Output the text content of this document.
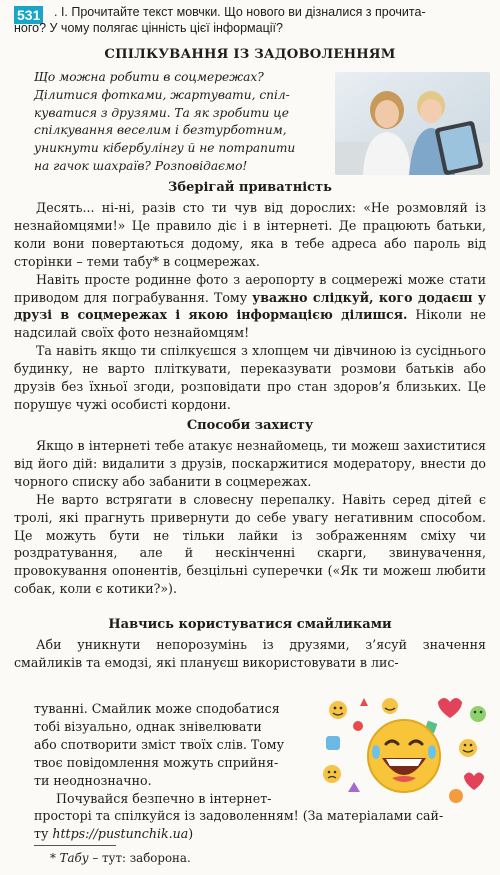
531 . І. Прочитайте текст мовчки. Що нового ви дізналися з прочита-

ного? У чому полягає цінність цієї інформації?

СПІЛКУВАННЯ ІЗ ЗАДОВОЛЕННЯМ

Що можна робити в соцмережах?

Ділитися фотками, жартувати, спіл-

куватися з друзями. Та як зробити це

спілкування веселим і безтурботним,

уникнути кібербулінгу й не потрапити

на гачок шахраїв? Розповідаємо!

Зберігай приватність

Десять... ні-ні, разів сто ти чув від дорослих: «Не розмовляй із незнайомцями!» Це правило діє і в інтернеті. Де працюють батьки, коли вони повертаються додому, яка в тебе адреса або пароль від сторінки – теми табу* в соцмережах.

Навіть просте родинне фото з аеропорту в соцмережі може стати приводом для пограбування. Тому уважно слідкуй, кого додаєш у друзі в соцмережах і якою інформацією ділишся. Ніколи не надсилай своїх фото незнайомцям!

Та навіть якщо ти спілкуєшся з хлопцем чи дівчиною із сусіднього будинку, не варто пліткувати, переказувати розмови батьків або друзів без їхньої згоди, розповідати про стан здоров’я близьких. Це порушує чужі особисті кордони.

Способи захисту

Якщо в інтернеті тебе атакує незнайомець, ти можеш захиститися від його дій: видалити з друзів, поскаржитися модератору, внести до чорного списку або забанити в соцмережах.

Не варто встрягати в словесну перепалку. Навіть серед дітей є тролі, які прагнуть привернути до себе увагу негативним способом. Це можуть бути не тільки лайки із зображенням сміху чи роздратування, але й нескінченні скарги, звинувачення, провокування опонентів, безцільні суперечки («Як ти можеш любити собак, коли є котики?»).

Навчись користуватися смайликами

Аби уникнути непорозумінь із друзями, з’ясуй значення смайликів та емодзі, які плануєш використовувати в лис-

туванні. Смайлик може сподобатися

тобі візуально, однак знівелювати

або спотворити зміст твоїх слів. Тому

твоє повідомлення можуть сприйня-

ти неоднозначно.

Почувайся безпечно в інтернет-

просторі та спілкуйся із задоволенням! (За матеріалами сай-
ту https://pustunchik.ua)
* Табу – тут: заборона.
